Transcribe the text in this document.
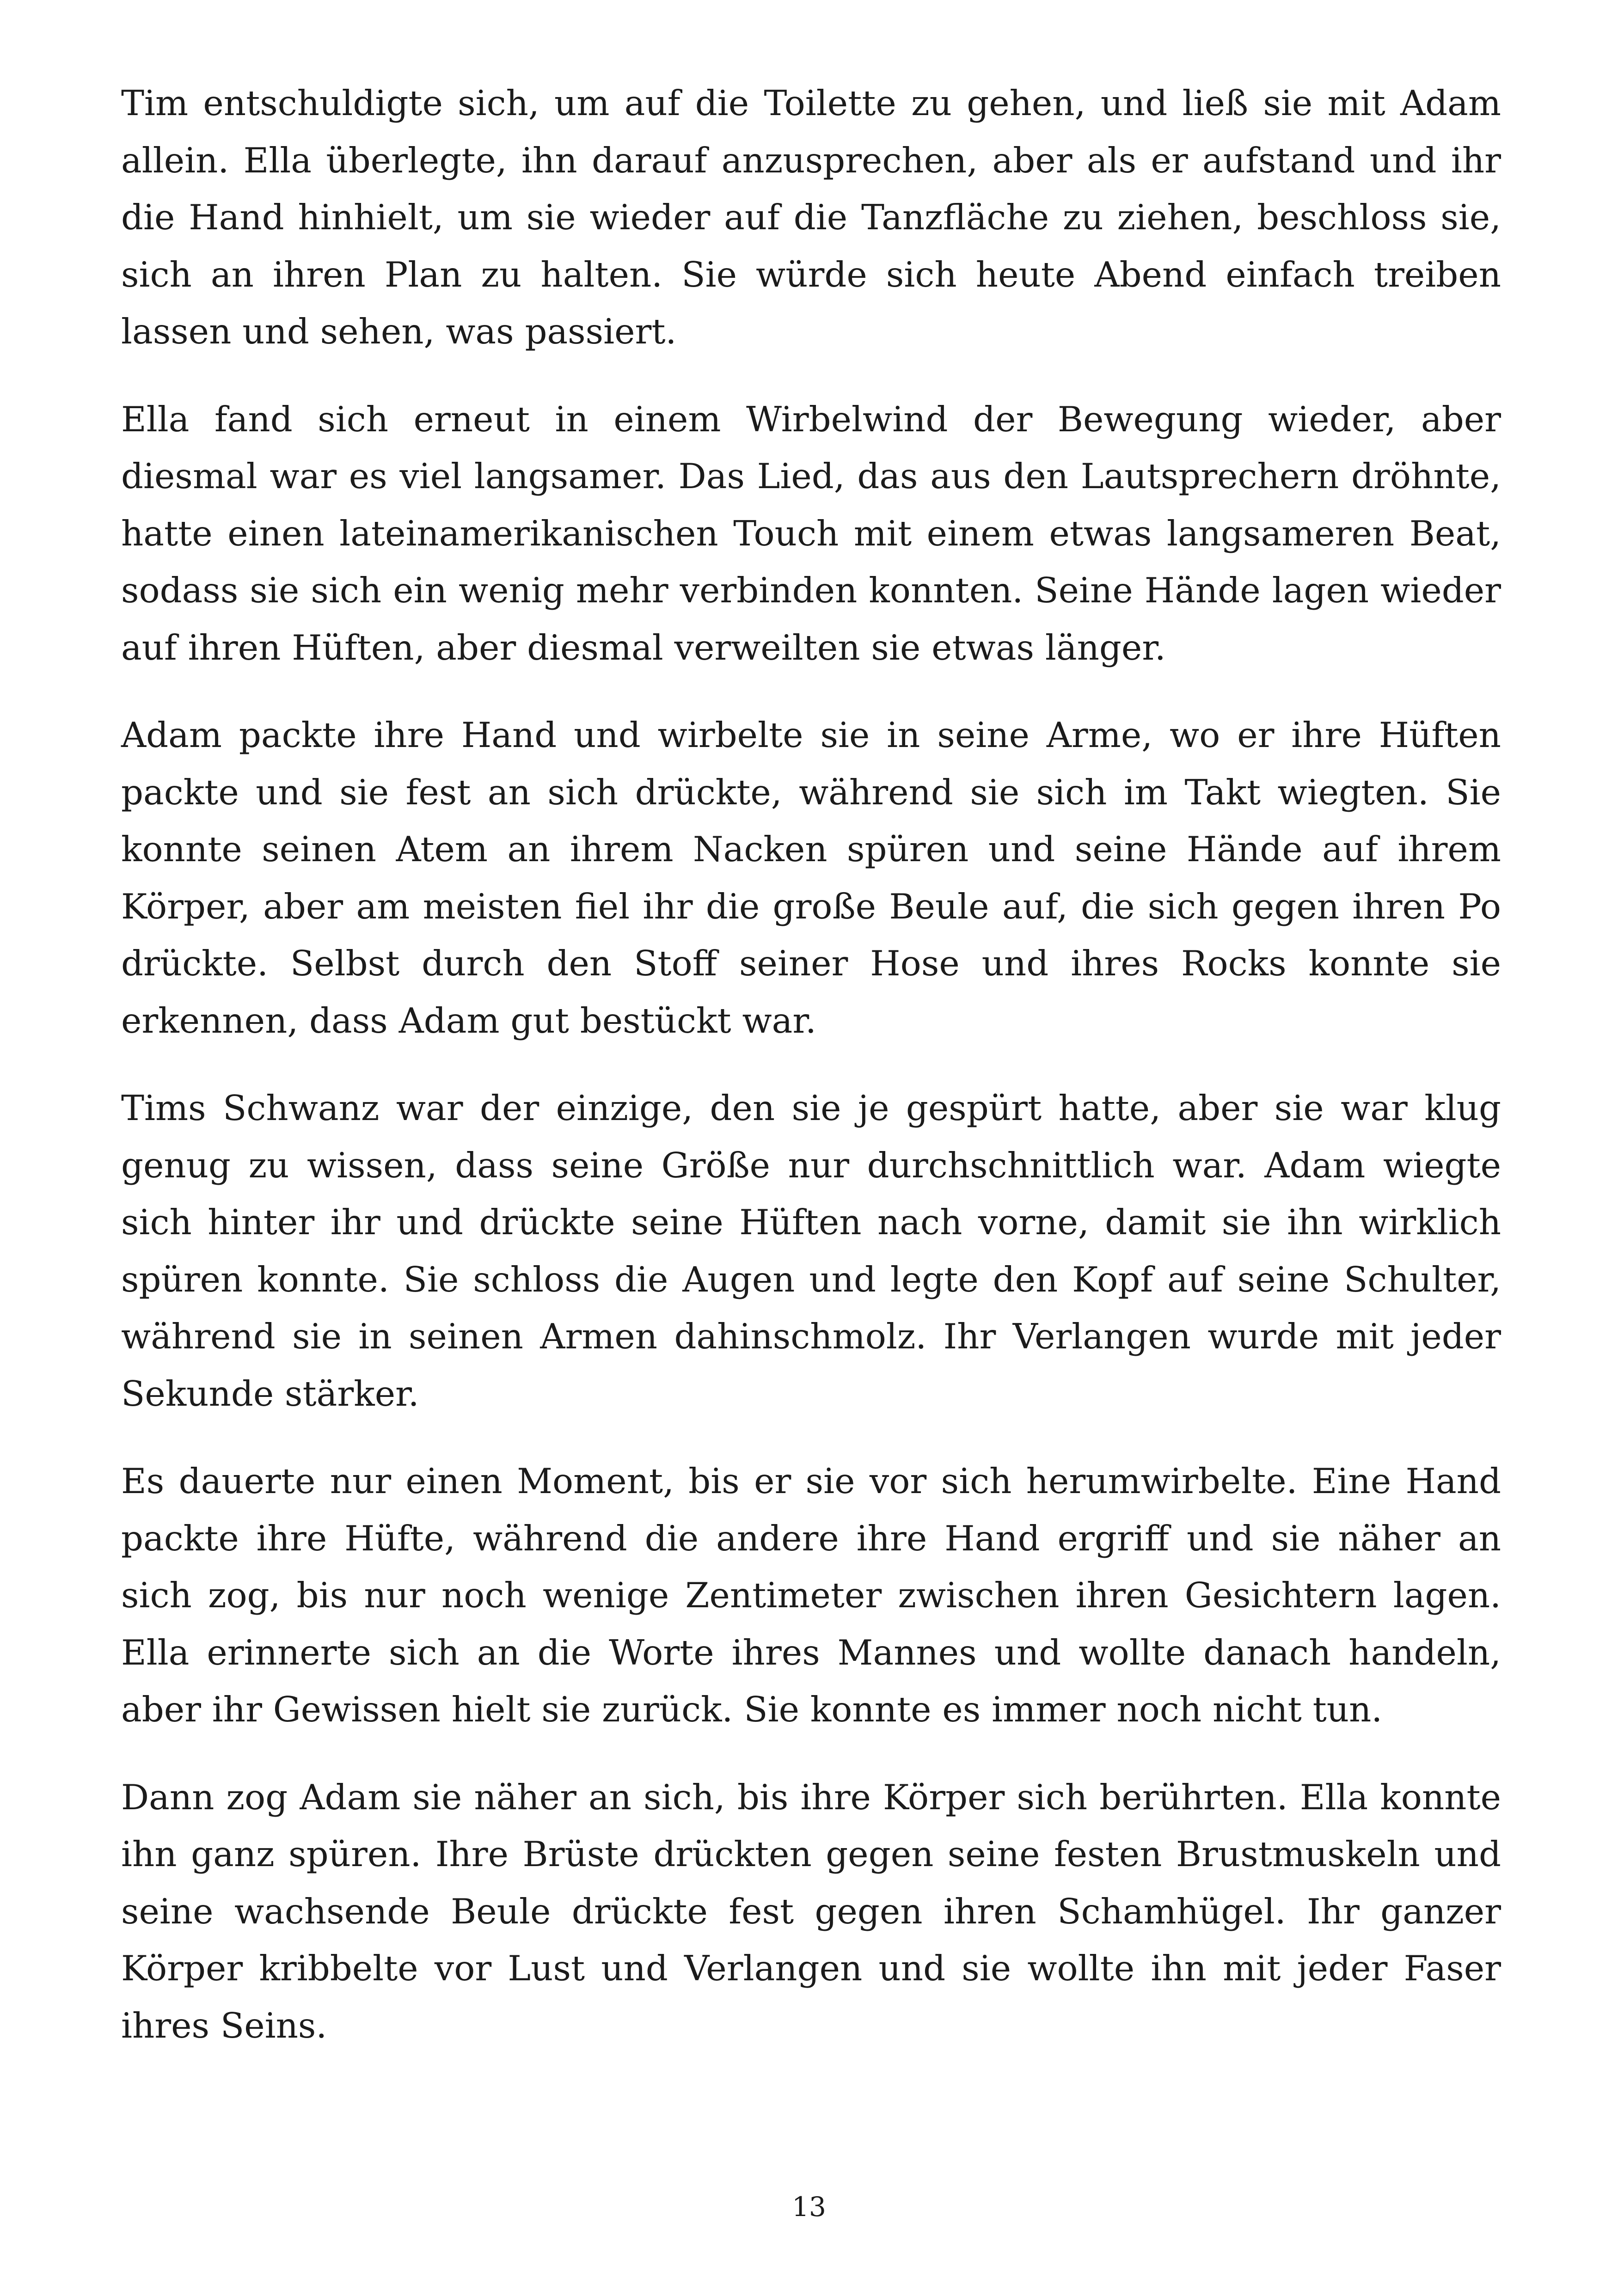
Tim entschuldigte sich, um auf die Toilette zu gehen, und ließ sie mit Adam allein. Ella überlegte, ihn darauf anzusprechen, aber als er aufstand und ihr die Hand hinhielt, um sie wieder auf die Tanzfläche zu ziehen, beschloss sie, sich an ihren Plan zu halten. Sie würde sich heute Abend einfach treiben lassen und sehen, was passiert.

Ella fand sich erneut in einem Wirbelwind der Bewegung wieder, aber diesmal war es viel langsamer. Das Lied, das aus den Lautsprechern dröhnte, hatte einen lateinamerikanischen Touch mit einem etwas langsameren Beat, sodass sie sich ein wenig mehr verbinden konnten. Seine Hände lagen wieder auf ihren Hüften, aber diesmal verweilten sie etwas länger.

Adam packte ihre Hand und wirbelte sie in seine Arme, wo er ihre Hüften packte und sie fest an sich drückte, während sie sich im Takt wiegten. Sie konnte seinen Atem an ihrem Nacken spüren und seine Hände auf ihrem Körper, aber am meisten fiel ihr die große Beule auf, die sich gegen ihren Po drückte. Selbst durch den Stoff seiner Hose und ihres Rocks konnte sie erkennen, dass Adam gut bestückt war.

Tims Schwanz war der einzige, den sie je gespürt hatte, aber sie war klug genug zu wissen, dass seine Größe nur durchschnittlich war. Adam wiegte sich hinter ihr und drückte seine Hüften nach vorne, damit sie ihn wirklich spüren konnte. Sie schloss die Augen und legte den Kopf auf seine Schulter, während sie in seinen Armen dahinschmolz. Ihr Verlangen wurde mit jeder Sekunde stärker.

Es dauerte nur einen Moment, bis er sie vor sich herumwirbelte. Eine Hand packte ihre Hüfte, während die andere ihre Hand ergriff und sie näher an sich zog, bis nur noch wenige Zentimeter zwischen ihren Gesichtern lagen. Ella erinnerte sich an die Worte ihres Mannes und wollte danach handeln, aber ihr Gewissen hielt sie zurück. Sie konnte es immer noch nicht tun.

Dann zog Adam sie näher an sich, bis ihre Körper sich berührten. Ella konnte ihn ganz spüren. Ihre Brüste drückten gegen seine festen Brustmuskeln und seine wachsende Beule drückte fest gegen ihren Schamhügel. Ihr ganzer Körper kribbelte vor Lust und Verlangen und sie wollte ihn mit jeder Faser ihres Seins.

13
